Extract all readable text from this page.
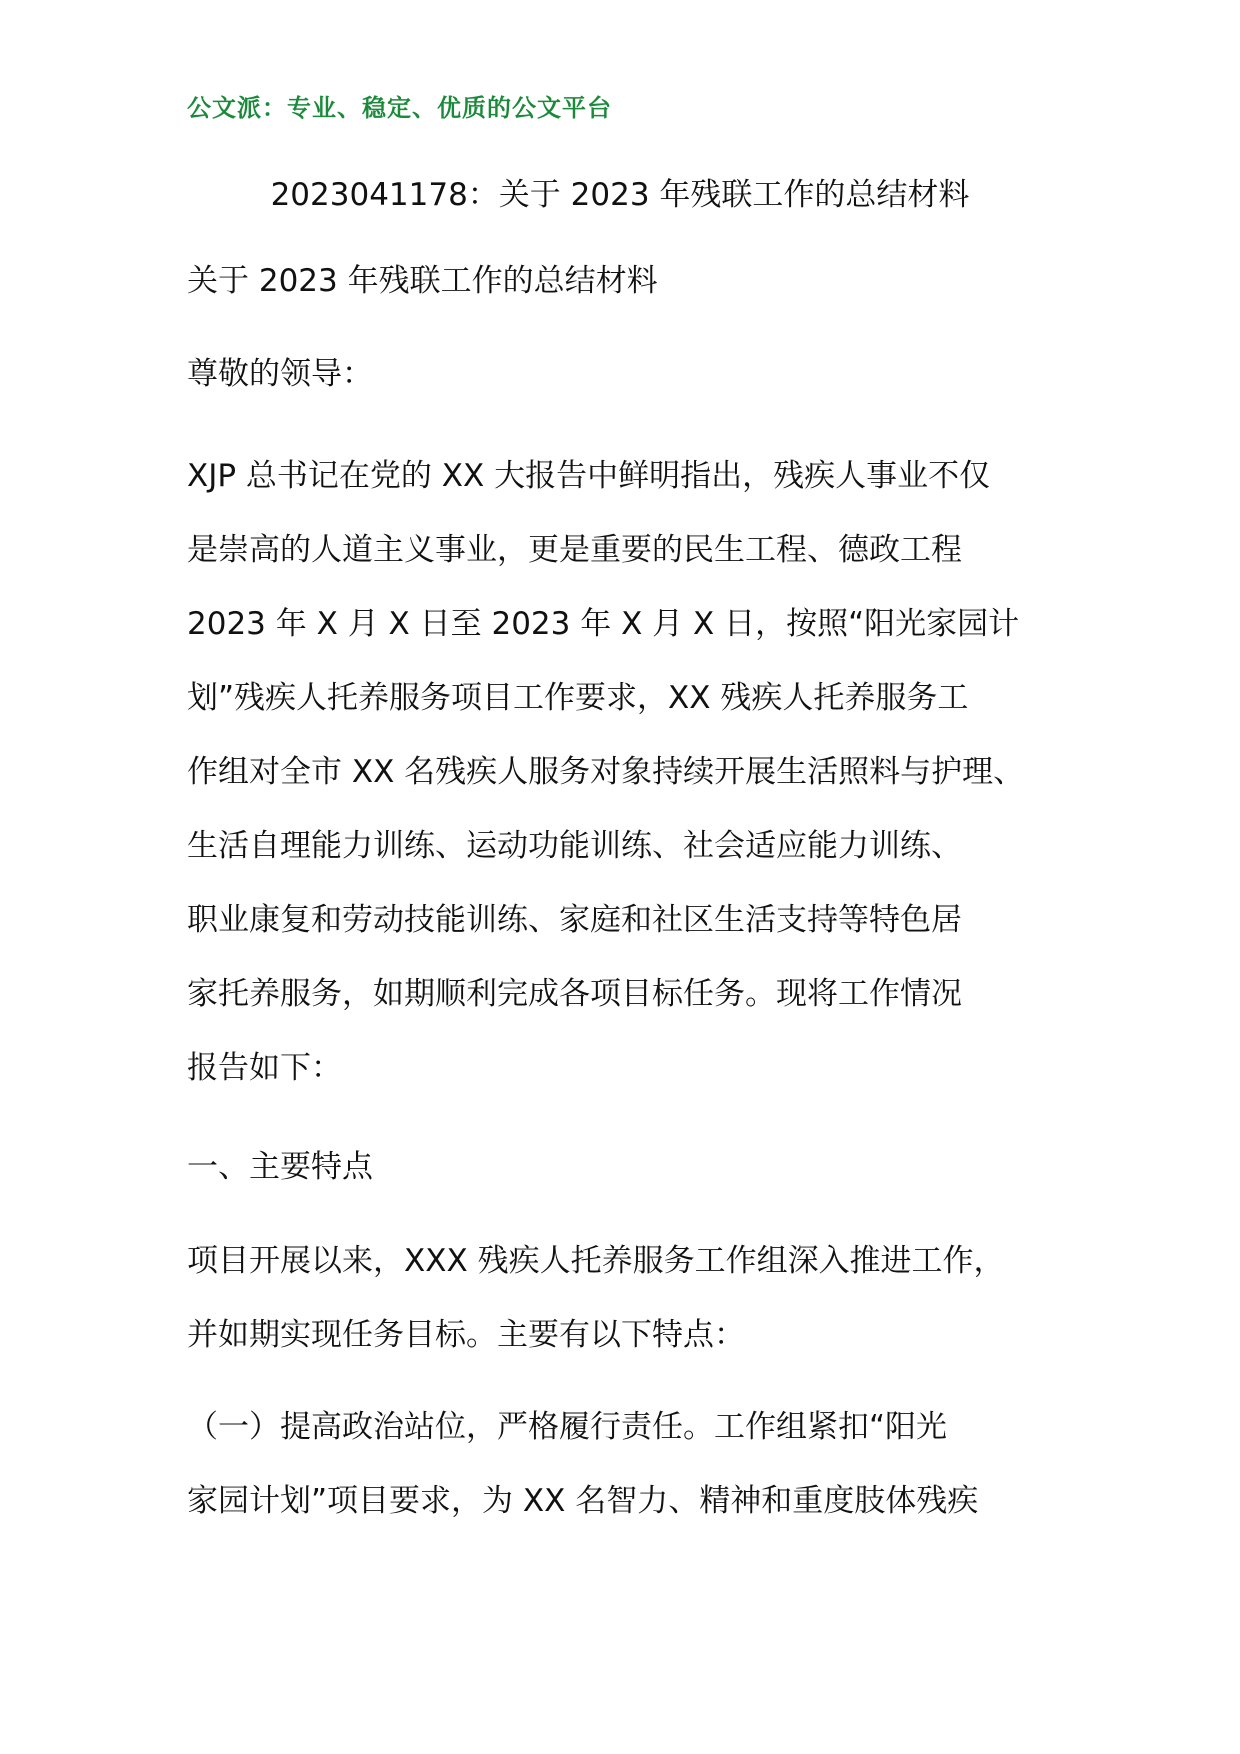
公文派：专业、稳定、优质的公文平台
2023041178：关于 2023 年残联工作的总结材料
关于 2023 年残联工作的总结材料
尊敬的领导：
XJP 总书记在党的 XX 大报告中鲜明指出，残疾人事业不仅
是崇高的人道主义事业，更是重要的民生工程、德政工程
2023 年 X 月 X 日至 2023 年 X 月 X 日，按照“阳光家园计
划”残疾人托养服务项目工作要求，XX 残疾人托养服务工
作组对全市 XX 名残疾人服务对象持续开展生活照料与护理、
生活自理能力训练、运动功能训练、社会适应能力训练、
职业康复和劳动技能训练、家庭和社区生活支持等特色居
家托养服务，如期顺利完成各项目标任务。现将工作情况
报告如下：
一、主要特点
项目开展以来，XXX 残疾人托养服务工作组深入推进工作，
并如期实现任务目标。主要有以下特点：
（一）提高政治站位，严格履行责任。工作组紧扣“阳光
家园计划”项目要求，为 XX 名智力、精神和重度肢体残疾
